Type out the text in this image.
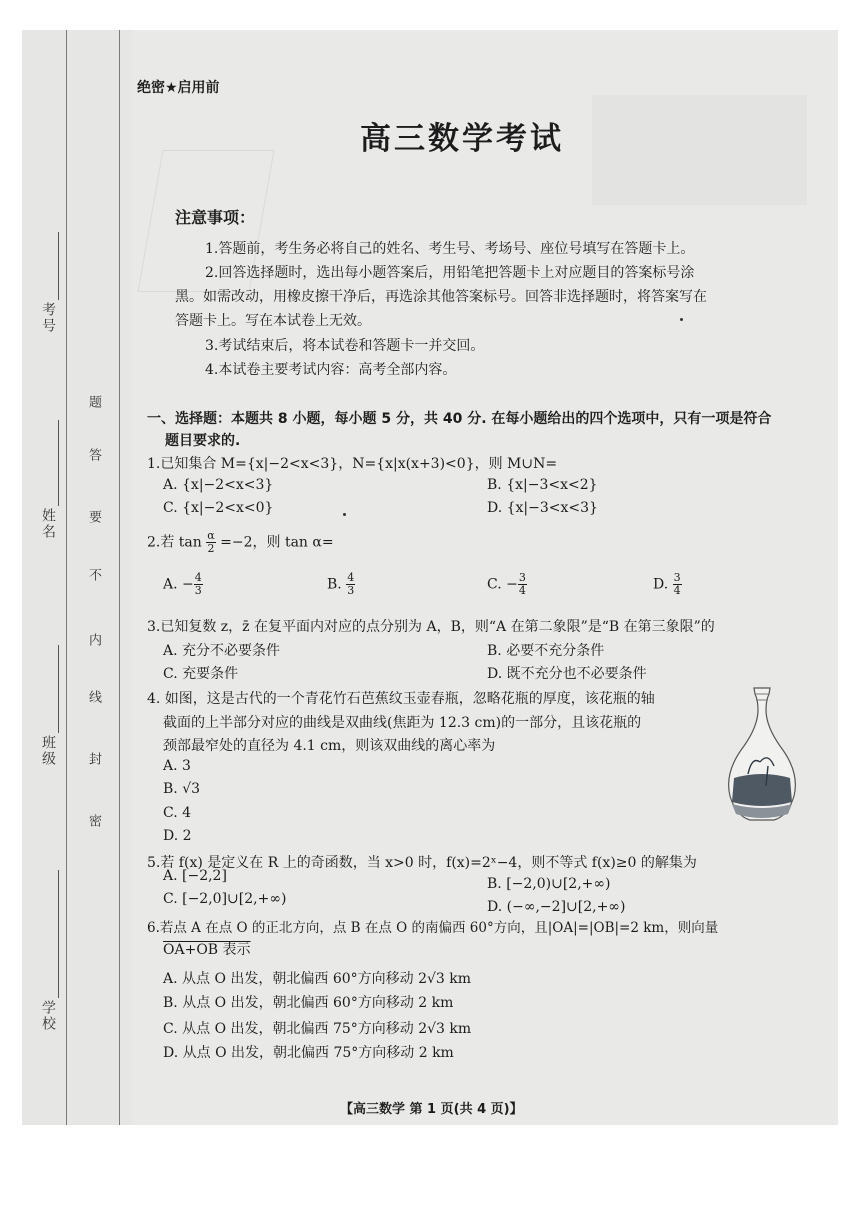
考号
姓名
班级
学校
题
答
要
不
内
线
封
密
绝密★启用前
高三数学考试
注意事项：
1.答题前，考生务必将自己的姓名、考生号、考场号、座位号填写在答题卡上。
2.回答选择题时，选出每小题答案后，用铅笔把答题卡上对应题目的答案标号涂
黑。如需改动，用橡皮擦干净后，再选涂其他答案标号。回答非选择题时，将答案写在
答题卡上。写在本试卷上无效。
3.考试结束后，将本试卷和答题卡一并交回。
4.本试卷主要考试内容：高考全部内容。
一、选择题：本题共 8 小题，每小题 5 分，共 40 分. 在每小题给出的四个选项中，只有一项是符合
题目要求的.
1.已知集合 M={x|−2<x<3}，N={x|x(x+3)<0}，则 M∪N=
A. {x|−2<x<3}	B. {x|−3<x<2}
C. {x|−2<x<0}	D. {x|−3<x<3}
2.若 $\tan \frac{\alpha}{2} =-2$，则 tan α=
A. − $\frac{4}{3}$	B. $\frac{4}{3}$	C. − $\frac{3}{4}$	D. $\frac{3}{4}$
3.已知复数 z，z̄ 在复平面内对应的点分别为 A，B，则“A 在第二象限”是“B 在第三象限”的
A. 充分不必要条件	B. 必要不充分条件
C. 充要条件	D. 既不充分也不必要条件
4. 如图，这是古代的一个青花竹石芭蕉纹玉壶春瓶，忽略花瓶的厚度，该花瓶的轴
截面的上半部分对应的曲线是双曲线(焦距为 12.3 cm)的一部分，且该花瓶的
颈部最窄处的直径为 4.1 cm，则该双曲线的离心率为
A. 3
B. √3
C. 4
D. 2
5.若 f(x) 是定义在 R 上的奇函数，当 x>0 时，f(x)=2ˣ−4，则不等式 f(x)≥0 的解集为
A. [−2,2]	B. [−2,0)∪[2,+∞)
C. [−2,0]∪[2,+∞)	D. (−∞,−2]∪[2,+∞)
6.若点 A 在点 O 的正北方向，点 B 在点 O 的南偏西 60°方向，且|OA|=|OB|=2 km，则向量
OA+OB 表示
A. 从点 O 出发，朝北偏西 60°方向移动 2√3 km
B. 从点 O 出发，朝北偏西 60°方向移动 2 km
C. 从点 O 出发，朝北偏西 75°方向移动 2√3 km
D. 从点 O 出发，朝北偏西 75°方向移动 2 km
【高三数学 第 1 页(共 4 页)】
